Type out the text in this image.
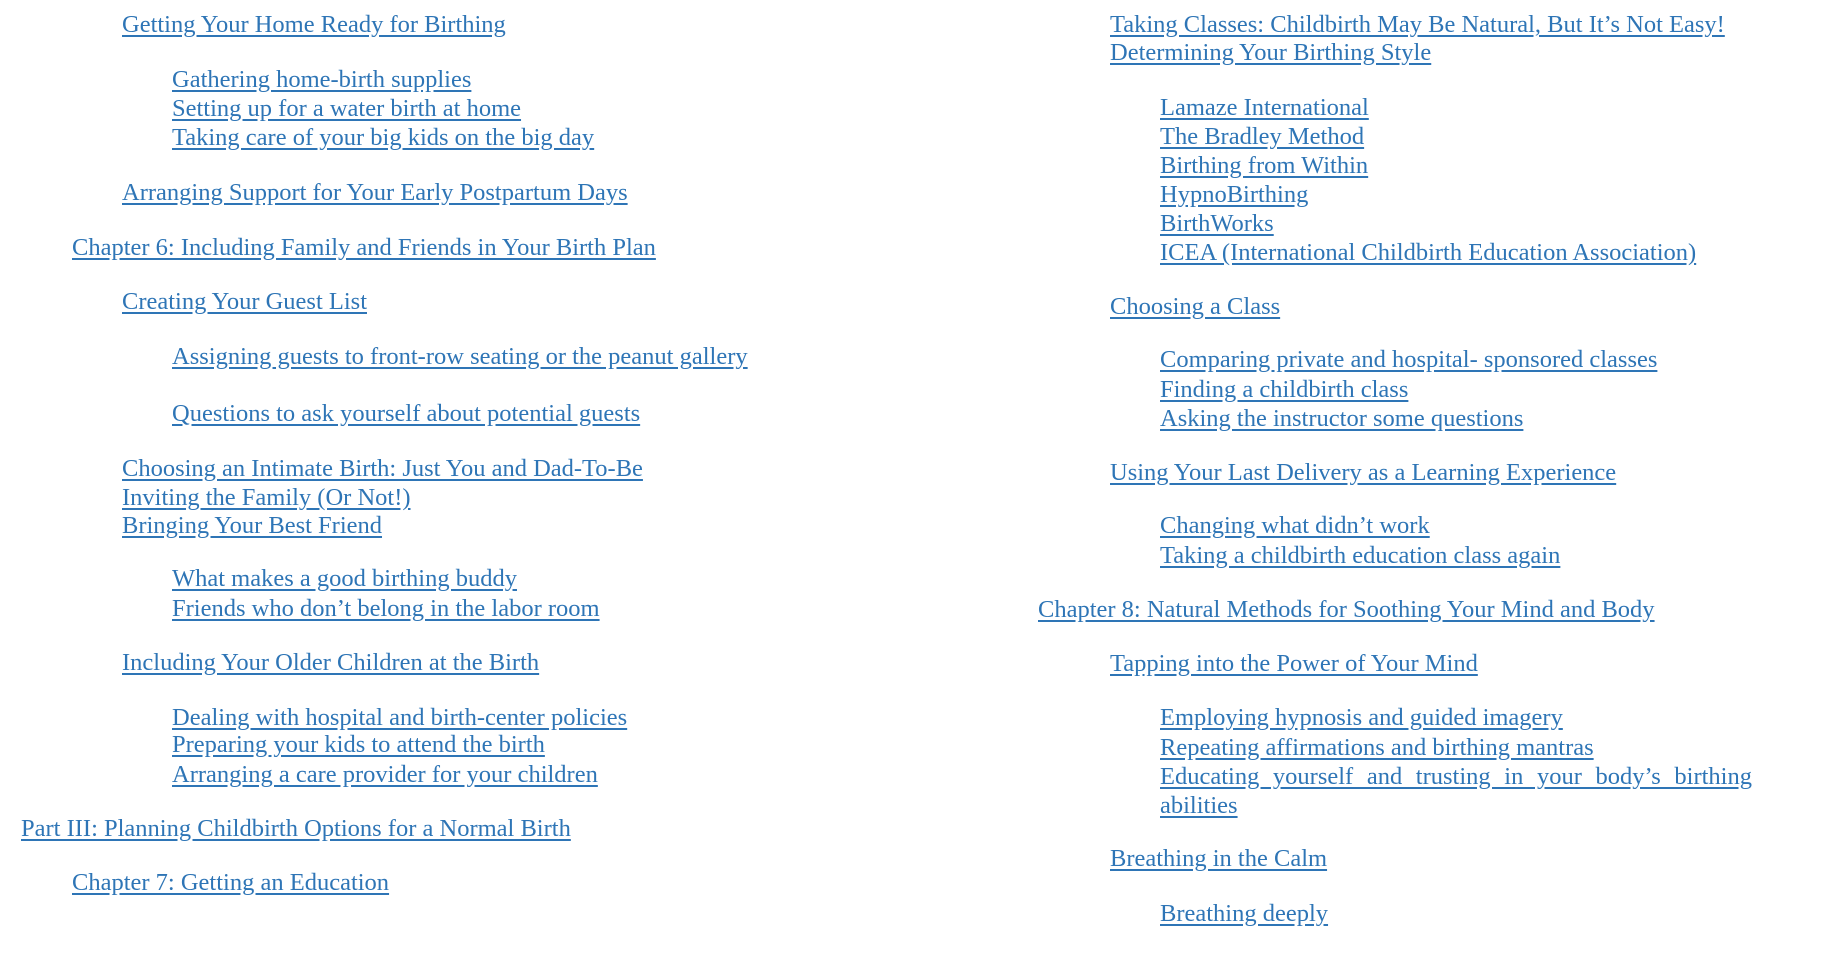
Getting Your Home Ready for Birthing
Gathering home-birth supplies
Setting up for a water birth at home
Taking care of your big kids on the big day
Arranging Support for Your Early Postpartum Days
Chapter 6: Including Family and Friends in Your Birth Plan
Creating Your Guest List
Assigning guests to front-row seating or the peanut gallery
Questions to ask yourself about potential guests
Choosing an Intimate Birth: Just You and Dad-To-Be
Inviting the Family (Or Not!)
Bringing Your Best Friend
What makes a good birthing buddy
Friends who don’t belong in the labor room
Including Your Older Children at the Birth
Dealing with hospital and birth-center policies
Preparing your kids to attend the birth
Arranging a care provider for your children
Part III: Planning Childbirth Options for a Normal Birth
Chapter 7: Getting an Education
Taking Classes: Childbirth May Be Natural, But It’s Not Easy!
Determining Your Birthing Style
Lamaze International
The Bradley Method
Birthing from Within
HypnoBirthing
BirthWorks
ICEA (International Childbirth Education Association)
Choosing a Class
Comparing private and hospital- sponsored classes
Finding a childbirth class
Asking the instructor some questions
Using Your Last Delivery as a Learning Experience
Changing what didn’t work
Taking a childbirth education class again
Chapter 8: Natural Methods for Soothing Your Mind and Body
Tapping into the Power of Your Mind
Employing hypnosis and guided imagery
Repeating affirmations and birthing mantras
Educating yourself and trusting in your body’s birthing abilities
Breathing in the Calm
Breathing deeply
